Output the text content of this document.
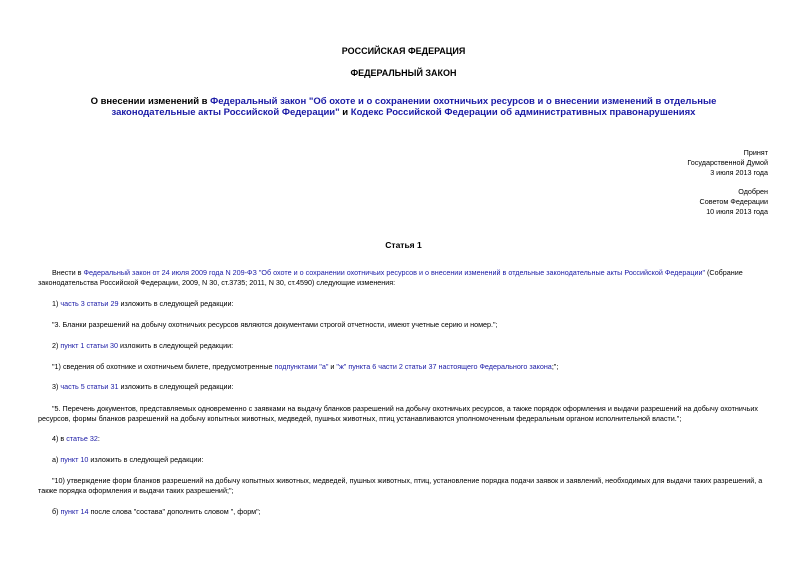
РОССИЙСКАЯ ФЕДЕРАЦИЯ
ФЕДЕРАЛЬНЫЙ ЗАКОН
О внесении изменений в Федеральный закон "Об охоте и о сохранении охотничьих ресурсов и о внесении изменений в отдельные законодательные акты Российской Федерации" и Кодекс Российской Федерации об административных правонарушениях
Принят
Государственной Думой
3 июля 2013 года
Одобрен
Советом Федерации
10 июля 2013 года
Статья 1
Внести в Федеральный закон от 24 июля 2009 года N 209-ФЗ "Об охоте и о сохранении охотничьих ресурсов и о внесении изменений в отдельные законодательные акты Российской Федерации" (Собрание законодательства Российской Федерации, 2009, N 30, ст.3735; 2011, N 30, ст.4590) следующие изменения:
1) часть 3 статьи 29 изложить в следующей редакции:
"3. Бланки разрешений на добычу охотничьих ресурсов являются документами строгой отчетности, имеют учетные серию и номер.";
2) пункт 1 статьи 30 изложить в следующей редакции:
"1) сведения об охотнике и охотничьем билете, предусмотренные подпунктами "а" и "ж" пункта 6 части 2 статьи 37 настоящего Федерального закона;";
3) часть 5 статьи 31 изложить в следующей редакции:
"5. Перечень документов, представляемых одновременно с заявками на выдачу бланков разрешений на добычу охотничьих ресурсов, а также порядок оформления и выдачи разрешений на добычу охотничьих ресурсов, формы бланков разрешений на добычу копытных животных, медведей, пушных животных, птиц устанавливаются уполномоченным федеральным органом исполнительной власти.";
4) в статье 32:
а) пункт 10 изложить в следующей редакции:
"10) утверждение форм бланков разрешений на добычу копытных животных, медведей, пушных животных, птиц, установление порядка подачи заявок и заявлений, необходимых для выдачи таких разрешений, а также порядка оформления и выдачи таких разрешений;";
б) пункт 14 после слова "состава" дополнить словом ", форм";
